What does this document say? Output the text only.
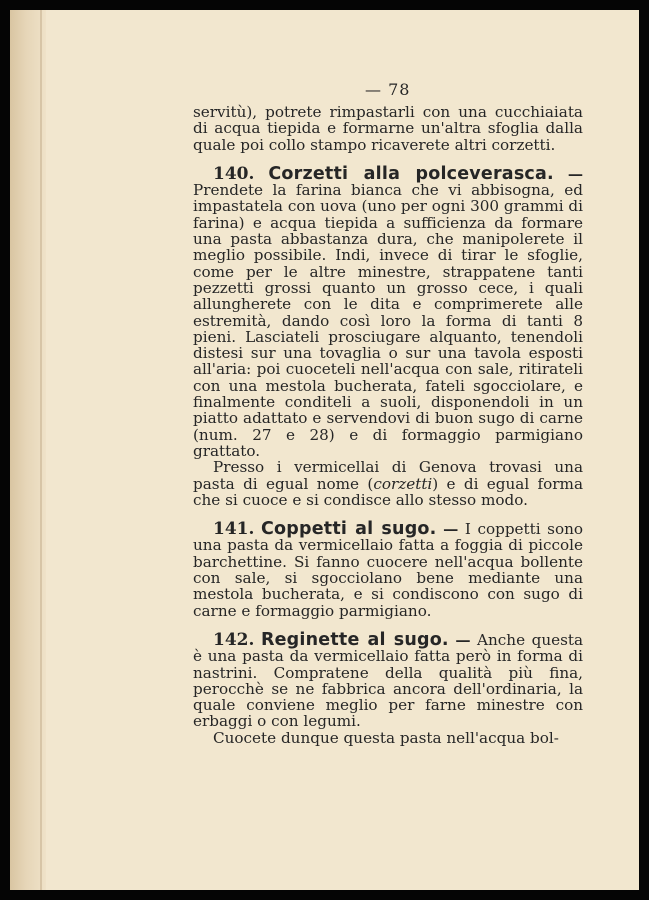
— 78

servitù), potrete rimpastarli con una cucchiaiata di acqua tiepida e formarne un'altra sfoglia dalla quale poi collo stampo ricaverete altri corzetti.

140. Corzetti alla polceverasca. — Prendete la farina bianca che vi abbisogna, ed impastatela con uova (uno per ogni 300 grammi di farina) e acqua tiepida a sufficienza da formare una pasta abbastanza dura, che manipolerete il meglio possibile. Indi, invece di tirar le sfoglie, come per le altre minestre, strappatene tanti pezzetti grossi quanto un grosso cece, i quali allungherete con le dita e comprimerete alle estremità, dando così loro la forma di tanti 8 pieni. Lasciateli prosciugare alquanto, tenendoli distesi sur una tovaglia o sur una tavola esposti all'aria: poi cuoceteli nell'acqua con sale, ritirateli con una mestola bucherata, fateli sgocciolare, e finalmente conditeli a suoli, disponendoli in un piatto adattato e servendovi di buon sugo di carne (num. 27 e 28) e di formaggio parmigiano grattato.

Presso i vermicellai di Genova trovasi una pasta di egual nome (corzetti) e di egual forma che si cuoce e si condisce allo stesso modo.

141. Coppetti al sugo. — I coppetti sono una pasta da vermicellaio fatta a foggia di piccole barchettine. Si fanno cuocere nell'acqua bollente con sale, si sgocciolano bene mediante una mestola bucherata, e si condiscono con sugo di carne e formaggio parmigiano.

142. Reginette al sugo. — Anche questa è una pasta da vermicellaio fatta però in forma di nastrini. Compratene della qualità più fina, perocchè se ne fabbrica ancora dell'ordinaria, la quale conviene meglio per farne minestre con erbaggi o con legumi.

Cuocete dunque questa pasta nell'acqua bol-
